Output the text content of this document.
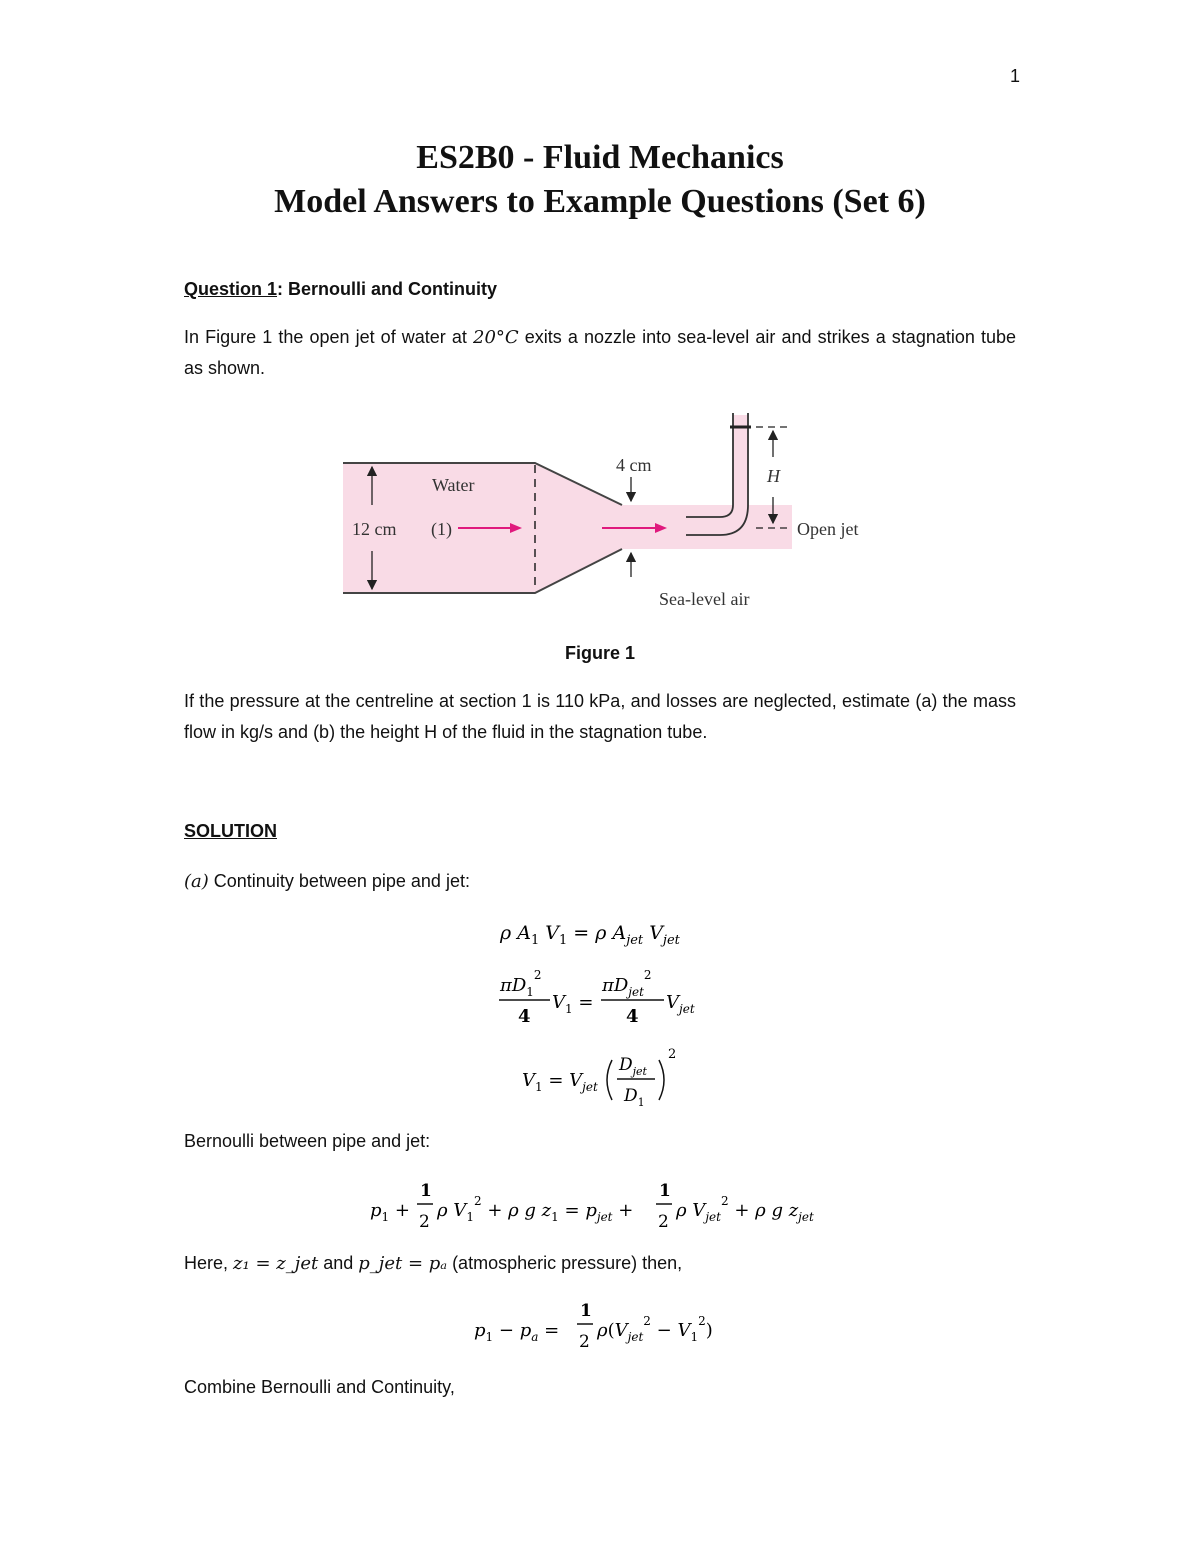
1
ES2B0 - Fluid Mechanics
Model Answers to Example Questions (Set 6)
Question 1: Bernoulli and Continuity
In Figure 1 the open jet of water at 20°C exits a nozzle into sea-level air and strikes a stagnation tube as shown.
12 cm
Water
(1)
4 cm
Sea-level air
H
Open jet
Figure 1
If the pressure at the centreline at section 1 is 110 kPa, and losses are neglected, estimate (a) the mass flow in kg/s and (b) the height H of the fluid in the stagnation tube.
SOLUTION
(a) Continuity between pipe and jet:
ρ $A_1$ $V_1 = \rho$ $A_{jet}$ $V_{jet}$
$\pi D_1^2$
4
$V_1$ =
$\pi D_{jet}^2$
4
$V_{jet}$
$V_1 = V_{jet}$
$D_{jet}$
$D_1$
2
Bernoulli between pipe and jet:
$p_1$ +
1
2
ρ $V_1^2 + \rho$ g $z_1 = p_{jet}$ +
1
2
ρ $V_{jet}^2 + \rho$ g $z_{jet}$
Here, z₁ = z_jet and p_jet = pₐ (atmospheric pressure) then,
$p_1 - p_a$ =
1
2
$\rho(V_{jet}^2 - V_1^2)$
Combine Bernoulli and Continuity,
